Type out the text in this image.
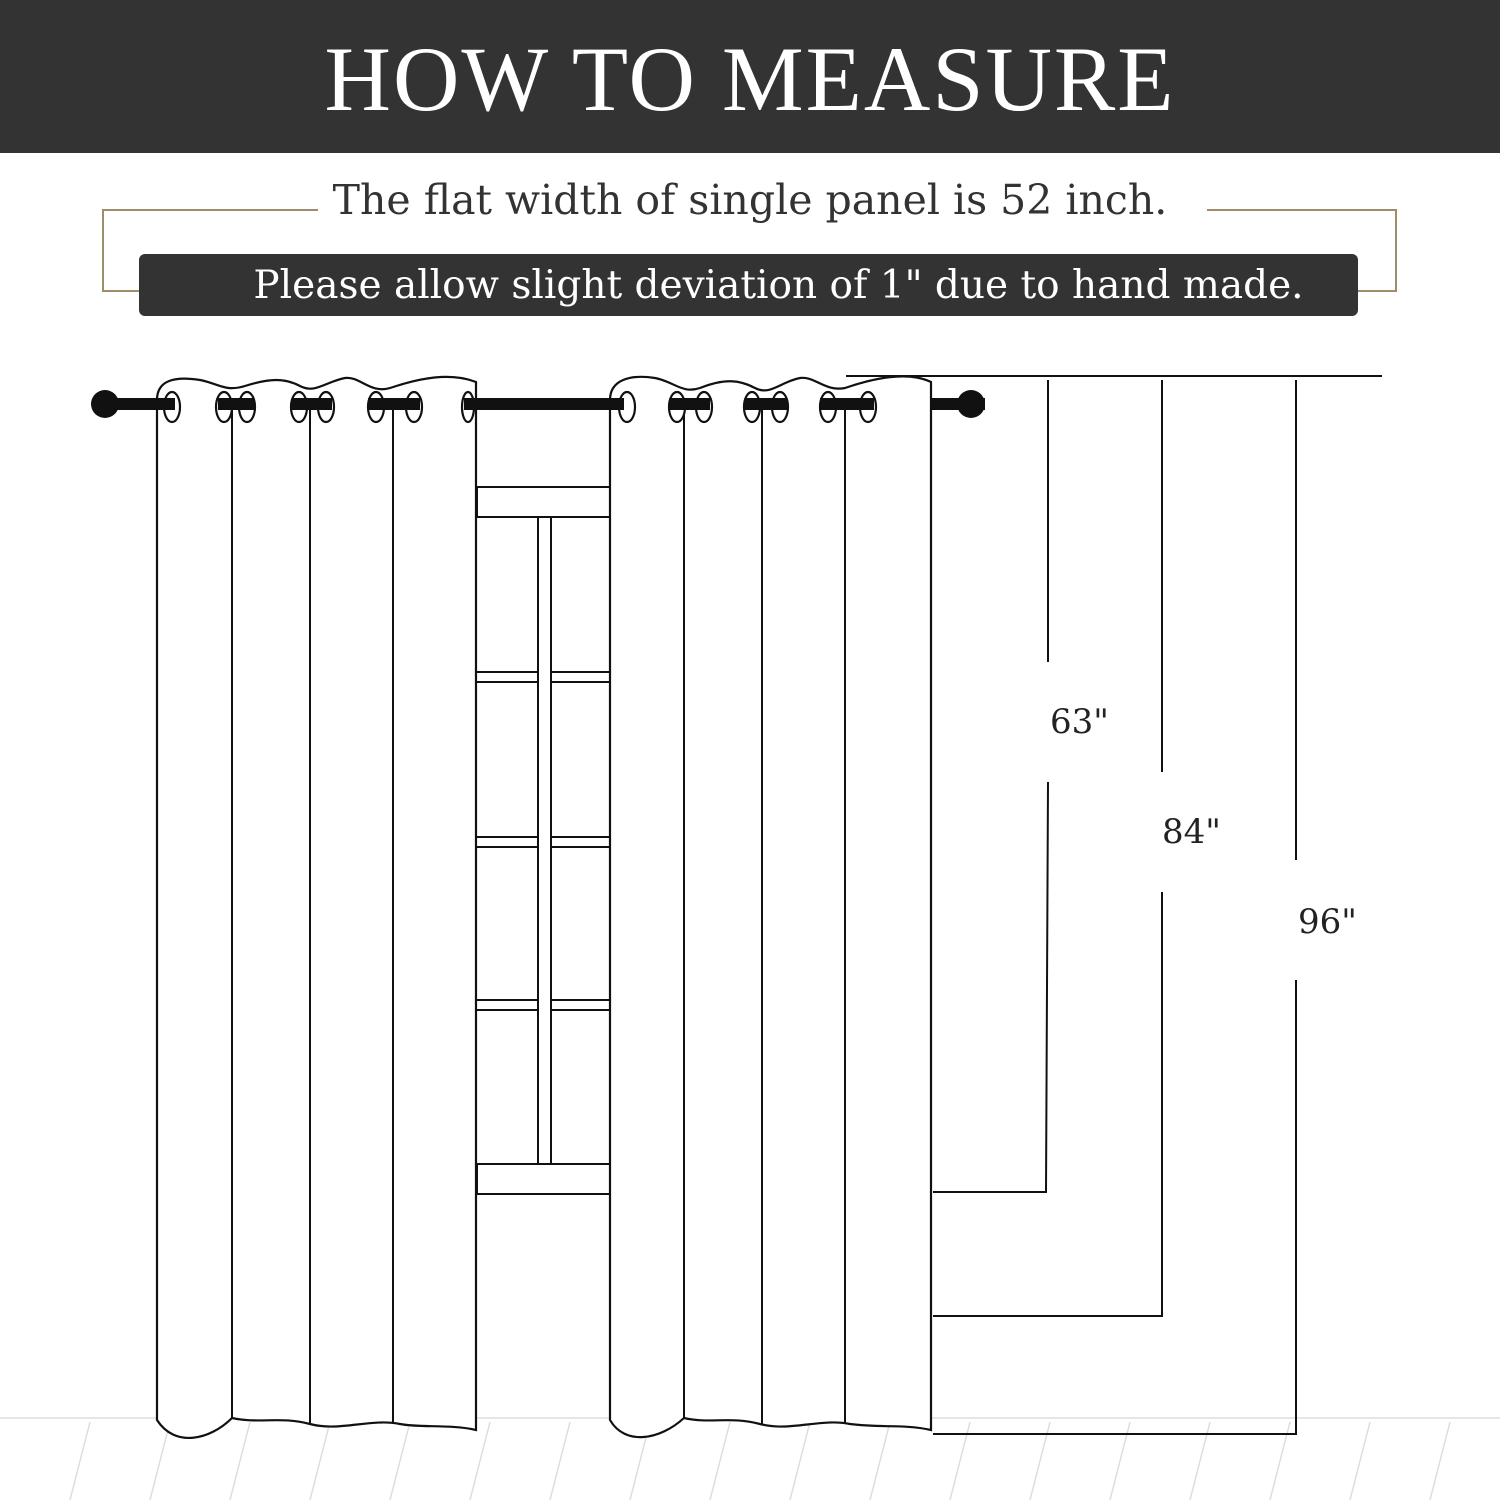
HOW TO MEASURE
The flat width of single panel is 52 inch.
Please allow slight deviation of 1" due to hand made.
63"
84"
96"
